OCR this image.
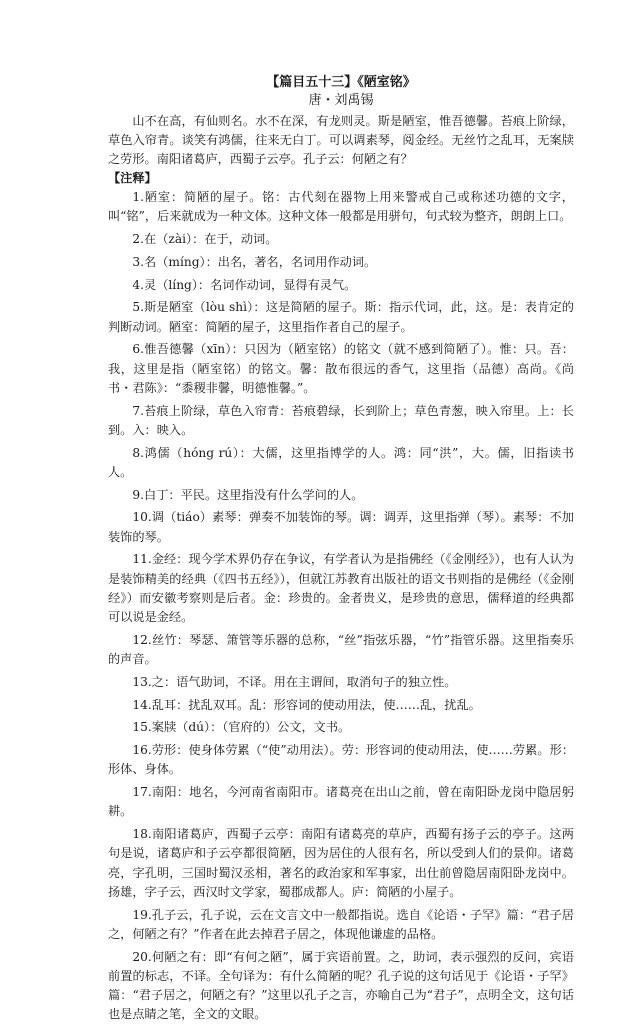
【篇目五十三】《陋室铭》

唐・刘禹锡

山不在高，有仙则名。水不在深，有龙则灵。斯是陋室，惟吾德馨。苔痕上阶绿，草色入帘青。谈笑有鸿儒，往来无白丁。可以调素琴，阅金经。无丝竹之乱耳，无案牍之劳形。南阳诸葛庐，西蜀子云亭。孔子云：何陋之有？

【注释】

1.陋室：简陋的屋子。铭：古代刻在器物上用来警戒自己或称述功德的文字，叫“铭”，后来就成为一种文体。这种文体一般都是用骈句，句式较为整齐，朗朗上口。

2.在（zài）：在于，动词。

3.名（míng）：出名，著名，名词用作动词。

4.灵（líng）：名词作动词，显得有灵气。

5.斯是陋室（lòu shì）：这是简陋的屋子。斯：指示代词，此，这。是：表肯定的判断动词。陋室：简陋的屋子，这里指作者自己的屋子。

6.惟吾德馨（xīn）：只因为（陋室铭）的铭文（就不感到简陋了）。惟：只。吾：我，这里是指（陋室铭）的铭文。馨：散布很远的香气，这里指（品德）高尚。《尚书・君陈》：“黍稷非馨，明德惟馨。”。

7.苔痕上阶绿，草色入帘青：苔痕碧绿，长到阶上；草色青葱，映入帘里。上：长到。入：映入。

8.鸿儒（hóng rú）：大儒，这里指博学的人。鸿：同“洪”，大。儒，旧指读书人。

9.白丁：平民。这里指没有什么学问的人。

10.调（tiáo）素琴：弹奏不加装饰的琴。调：调弄，这里指弹（琴）。素琴：不加装饰的琴。

11.金经：现今学术界仍存在争议，有学者认为是指佛经（《金刚经》），也有人认为是装饰精美的经典（《四书五经》），但就江苏教育出版社的语文书则指的是佛经（《金刚经》）而安徽考察则是后者。金：珍贵的。金者贵义，是珍贵的意思，儒释道的经典都可以说是金经。

12.丝竹：琴瑟、箫管等乐器的总称，“丝”指弦乐器，“竹”指管乐器。这里指奏乐的声音。

13.之：语气助词，不译。用在主谓间，取消句子的独立性。

14.乱耳：扰乱双耳。乱：形容词的使动用法，使……乱，扰乱。

15.案牍（dú）：（官府的）公文，文书。

16.劳形：使身体劳累（“使”动用法）。劳：形容词的使动用法，使……劳累。形：形体、身体。

17.南阳：地名，今河南省南阳市。诸葛亮在出山之前，曾在南阳卧龙岗中隐居躬耕。

18.南阳诸葛庐，西蜀子云亭：南阳有诸葛亮的草庐，西蜀有扬子云的亭子。这两句是说，诸葛庐和子云亭都很简陋，因为居住的人很有名，所以受到人们的景仰。诸葛亮，字孔明，三国时蜀汉丞相，著名的政治家和军事家，出仕前曾隐居南阳卧龙岗中。扬雄，字子云，西汉时文学家，蜀郡成都人。庐：简陋的小屋子。

19.孔子云，孔子说，云在文言文中一般都指说。选自《论语・子罕》篇：“君子居之，何陋之有？”作者在此去掉君子居之，体现他谦虚的品格。

20.何陋之有：即“有何之陋”，属于宾语前置。之，助词，表示强烈的反问，宾语前置的标志，不译。全句译为：有什么简陋的呢？孔子说的这句话见于《论语・子罕》篇：“君子居之，何陋之有？”这里以孔子之言，亦喻自己为“君子”，点明全文，这句话也是点睛之笔，全文的文眼。
